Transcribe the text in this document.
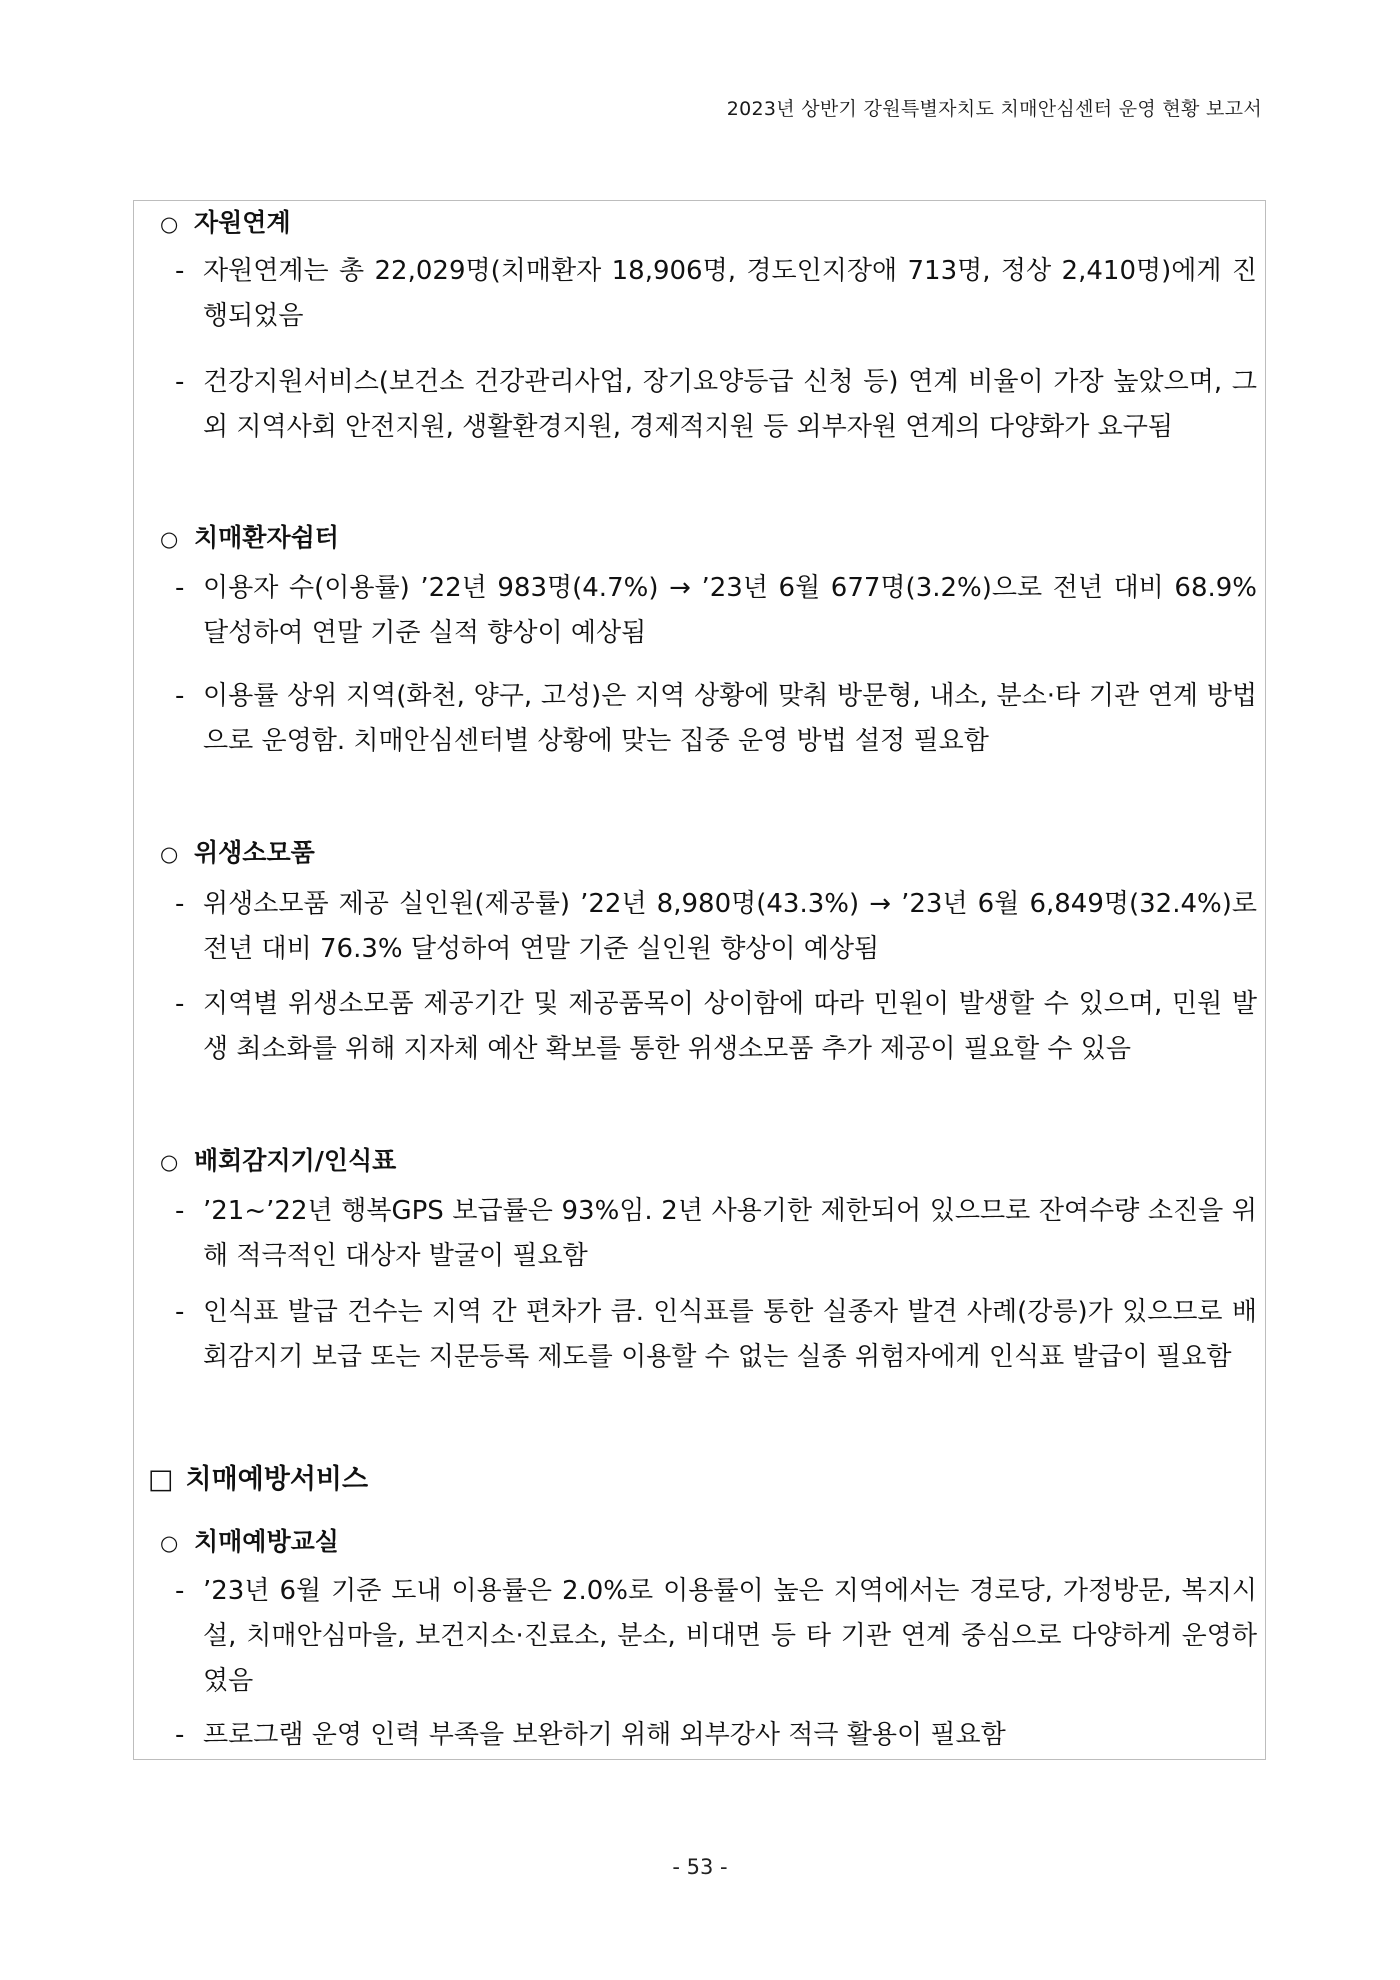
2023년 상반기 강원특별자치도 치매안심센터 운영 현황 보고서
○ 자원연계
- 자원연계는 총 22,029명(치매환자 18,906명, 경도인지장애 713명, 정상 2,410명)에게 진행되었음
- 건강지원서비스(보건소 건강관리사업, 장기요양등급 신청 등) 연계 비율이 가장 높았으며, 그 외 지역사회 안전지원, 생활환경지원, 경제적지원 등 외부자원 연계의 다양화가 요구됨
○ 치매환자쉼터
- 이용자 수(이용률) ’22년 983명(4.7%) → ’23년 6월 677명(3.2%)으로 전년 대비 68.9% 달성하여 연말 기준 실적 향상이 예상됨
- 이용률 상위 지역(화천, 양구, 고성)은 지역 상황에 맞춰 방문형, 내소, 분소·타 기관 연계 방법으로 운영함. 치매안심센터별 상황에 맞는 집중 운영 방법 설정 필요함
○ 위생소모품
- 위생소모품 제공 실인원(제공률) ’22년 8,980명(43.3%) → ’23년 6월 6,849명(32.4%)로 전년 대비 76.3% 달성하여 연말 기준 실인원 향상이 예상됨
- 지역별 위생소모품 제공기간 및 제공품목이 상이함에 따라 민원이 발생할 수 있으며, 민원 발생 최소화를 위해 지자체 예산 확보를 통한 위생소모품 추가 제공이 필요할 수 있음
○ 배회감지기/인식표
- ’21~’22년 행복GPS 보급률은 93%임. 2년 사용기한 제한되어 있으므로 잔여수량 소진을 위해 적극적인 대상자 발굴이 필요함
- 인식표 발급 건수는 지역 간 편차가 큼. 인식표를 통한 실종자 발견 사례(강릉)가 있으므로 배회감지기 보급 또는 지문등록 제도를 이용할 수 없는 실종 위험자에게 인식표 발급이 필요함
□ 치매예방서비스
○ 치매예방교실
- ’23년 6월 기준 도내 이용률은 2.0%로 이용률이 높은 지역에서는 경로당, 가정방문, 복지시설, 치매안심마을, 보건지소·진료소, 분소, 비대면 등 타 기관 연계 중심으로 다양하게 운영하였음
- 프로그램 운영 인력 부족을 보완하기 위해 외부강사 적극 활용이 필요함
- 53 -
